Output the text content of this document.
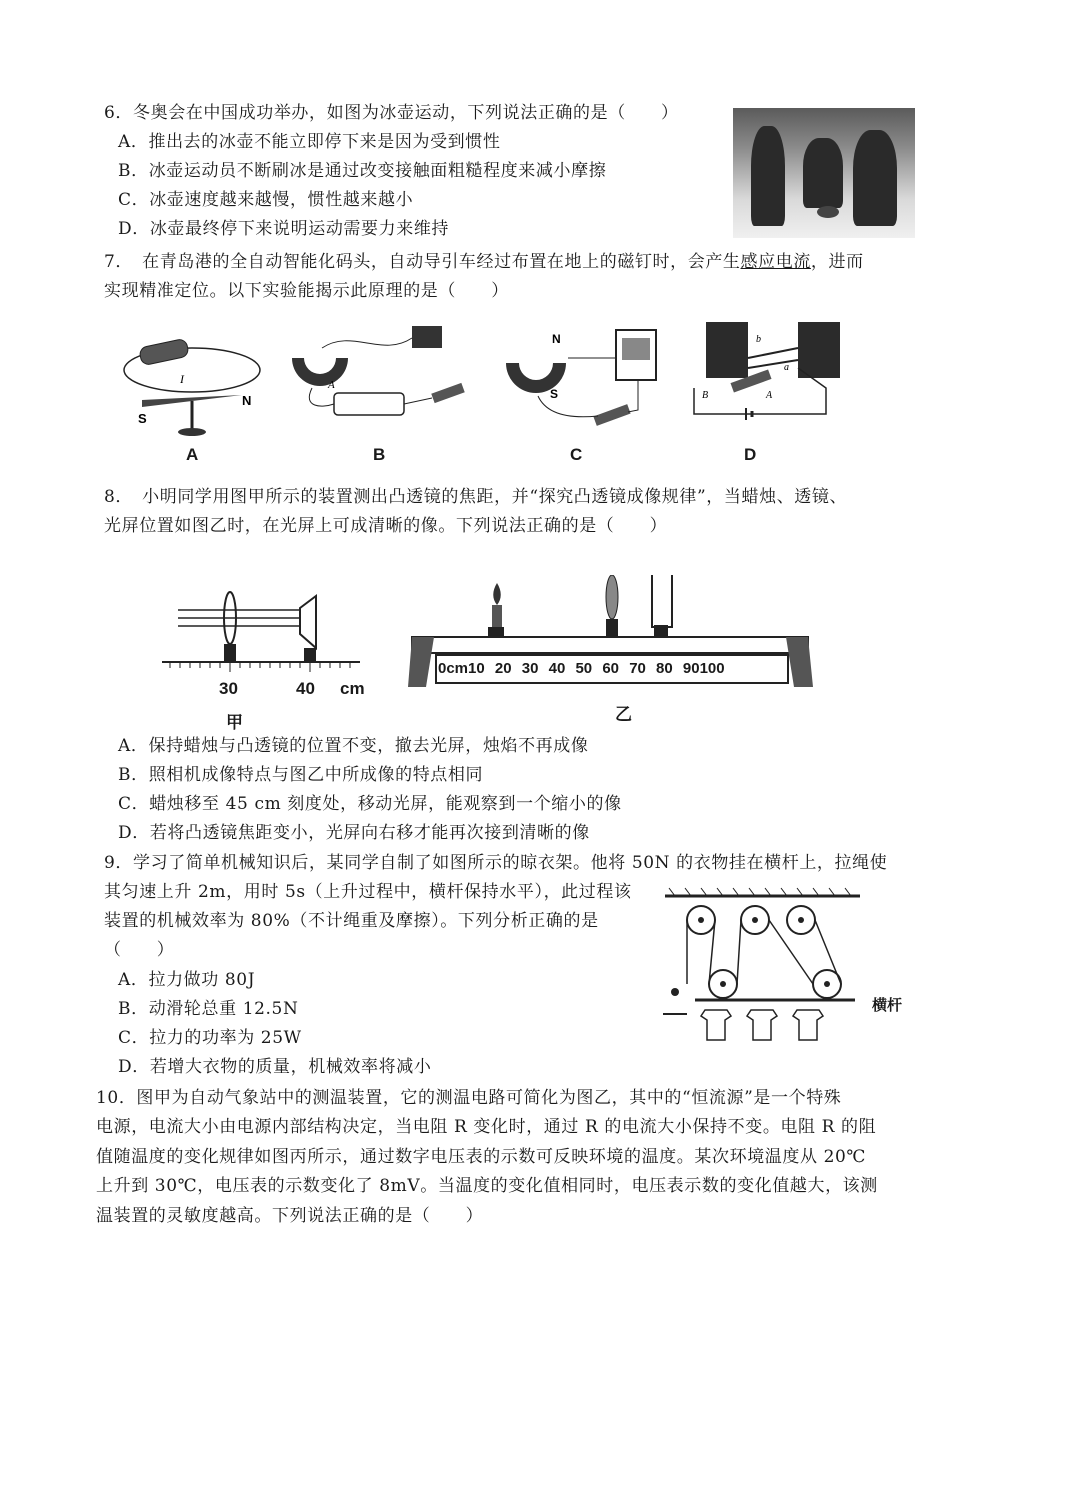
6．冬奥会在中国成功举办，如图为冰壶运动，下列说法正确的是（　　）
A．推出去的冰壶不能立即停下来是因为受到惯性
B．冰壶运动员不断刷冰是通过改变接触面粗糙程度来减小摩擦
C．冰壶速度越来越慢，惯性越来越小
D．冰壶最终停下来说明运动需要力来维持
7．　在青岛港的全自动智能化码头，自动导引车经过布置在地上的磁钉时，会产生感应电流，进而
实现精准定位。以下实验能揭示此原理的是（　　）
S
N
I
A
A
B
N
S
C
b
a
B	A
D
8．　小明同学用图甲所示的装置测出凸透镜的焦距，并“探究凸透镜成像规律”，当蜡烛、透镜、
光屏位置如图乙时，在光屏上可成清晰的像。下列说法正确的是（　　）
30	40 cm
甲
0cm10 20 30 40 50 60 70 80 90100
乙
A．保持蜡烛与凸透镜的位置不变，撤去光屏，烛焰不再成像
B．照相机成像特点与图乙中所成像的特点相同
C．蜡烛移至 45 cm 刻度处，移动光屏，能观察到一个缩小的像
D．若将凸透镜焦距变小，光屏向右移才能再次接到清晰的像
9．学习了简单机械知识后，某同学自制了如图所示的晾衣架。他将 50N 的衣物挂在横杆上，拉绳使
其匀速上升 2m，用时 5s（上升过程中，横杆保持水平），此过程该
装置的机械效率为 80%（不计绳重及摩擦）。下列分析正确的是
（　　）
A．拉力做功 80J
B．动滑轮总重 12.5N
C．拉力的功率为 25W
D．若增大衣物的质量，机械效率将减小
横杆
10．图甲为自动气象站中的测温装置，它的测温电路可简化为图乙，其中的“恒流源”是一个特殊
电源，电流大小由电源内部结构决定，当电阻 R 变化时，通过 R 的电流大小保持不变。电阻 R 的阻
值随温度的变化规律如图丙所示，通过数字电压表的示数可反映环境的温度。某次环境温度从 20℃
上升到 30℃，电压表的示数变化了 8mV。当温度的变化值相同时，电压表示数的变化值越大，该测
温装置的灵敏度越高。下列说法正确的是（　　）
